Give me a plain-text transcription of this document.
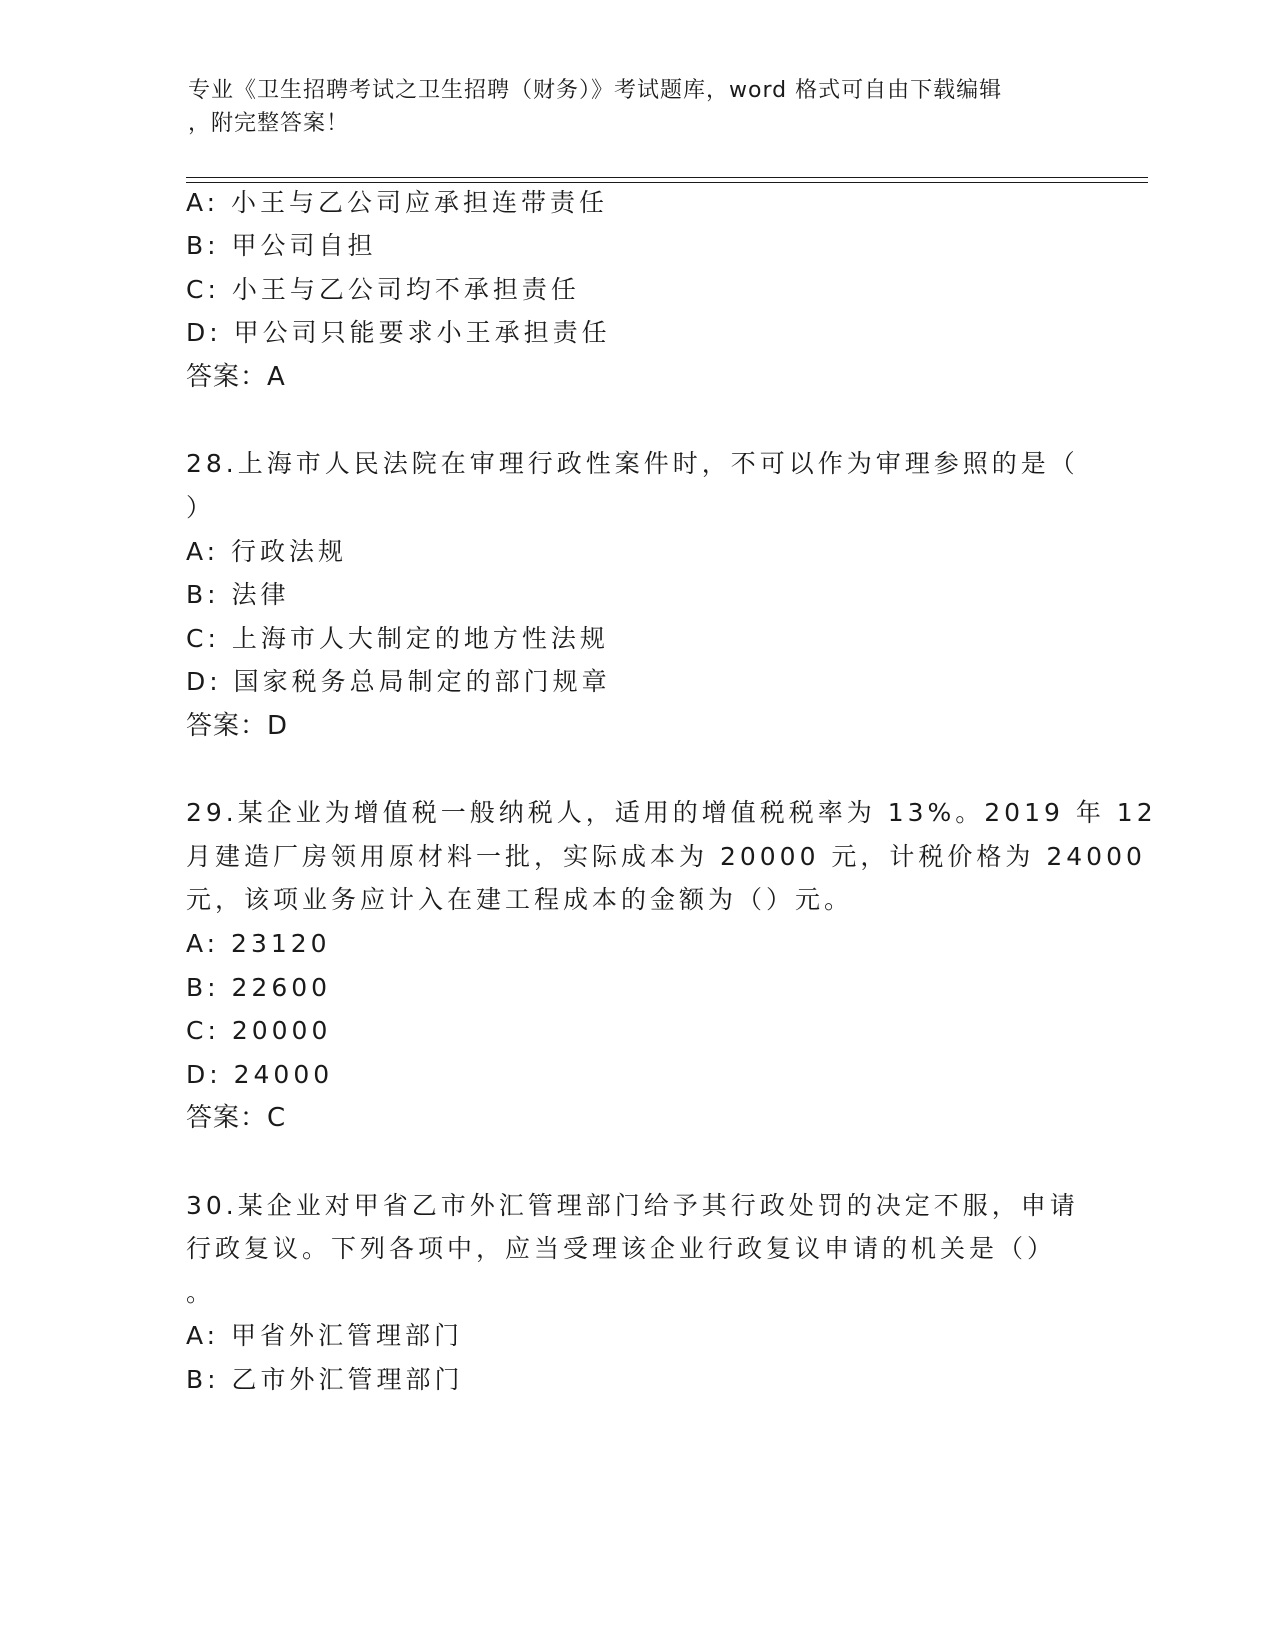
专业《卫生招聘考试之卫生招聘（财务）》考试题库，word 格式可自由下载编辑
，附完整答案！
A: 小王与乙公司应承担连带责任
B: 甲公司自担
C: 小王与乙公司均不承担责任
D: 甲公司只能要求小王承担责任
答案：A
28.上海市人民法院在审理行政性案件时，不可以作为审理参照的是（
）
A: 行政法规
B: 法律
C: 上海市人大制定的地方性法规
D: 国家税务总局制定的部门规章
答案：D
29.某企业为增值税一般纳税人，适用的增值税税率为 13%。2019 年 12
月建造厂房领用原材料一批，实际成本为 20000 元，计税价格为 24000
元，该项业务应计入在建工程成本的金额为（）元。
A: 23120
B: 22600
C: 20000
D: 24000
答案：C
30.某企业对甲省乙市外汇管理部门给予其行政处罚的决定不服，申请
行政复议。下列各项中，应当受理该企业行政复议申请的机关是（）
。
A: 甲省外汇管理部门
B: 乙市外汇管理部门
